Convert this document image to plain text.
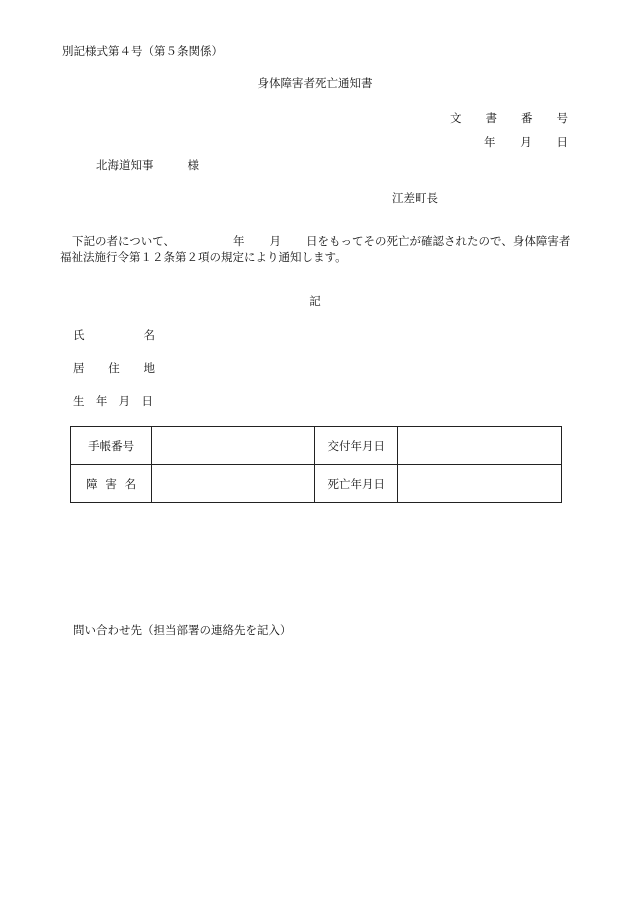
別記様式第４号（第５条関係）
身体障害者死亡通知書
文 書 番 号
年 月 日
北海道知事	様
江差町長
下記の者について、	年 月 日をもってその死亡が確認されたので、身体障害者福祉法施行令第１２条第２項の規定により通知します。
記
氏	名
居 住 地
生 年 月 日
手帳番号		交付年月日	

障 害 名		死亡年月日	
問い合わせ先（担当部署の連絡先を記入）
